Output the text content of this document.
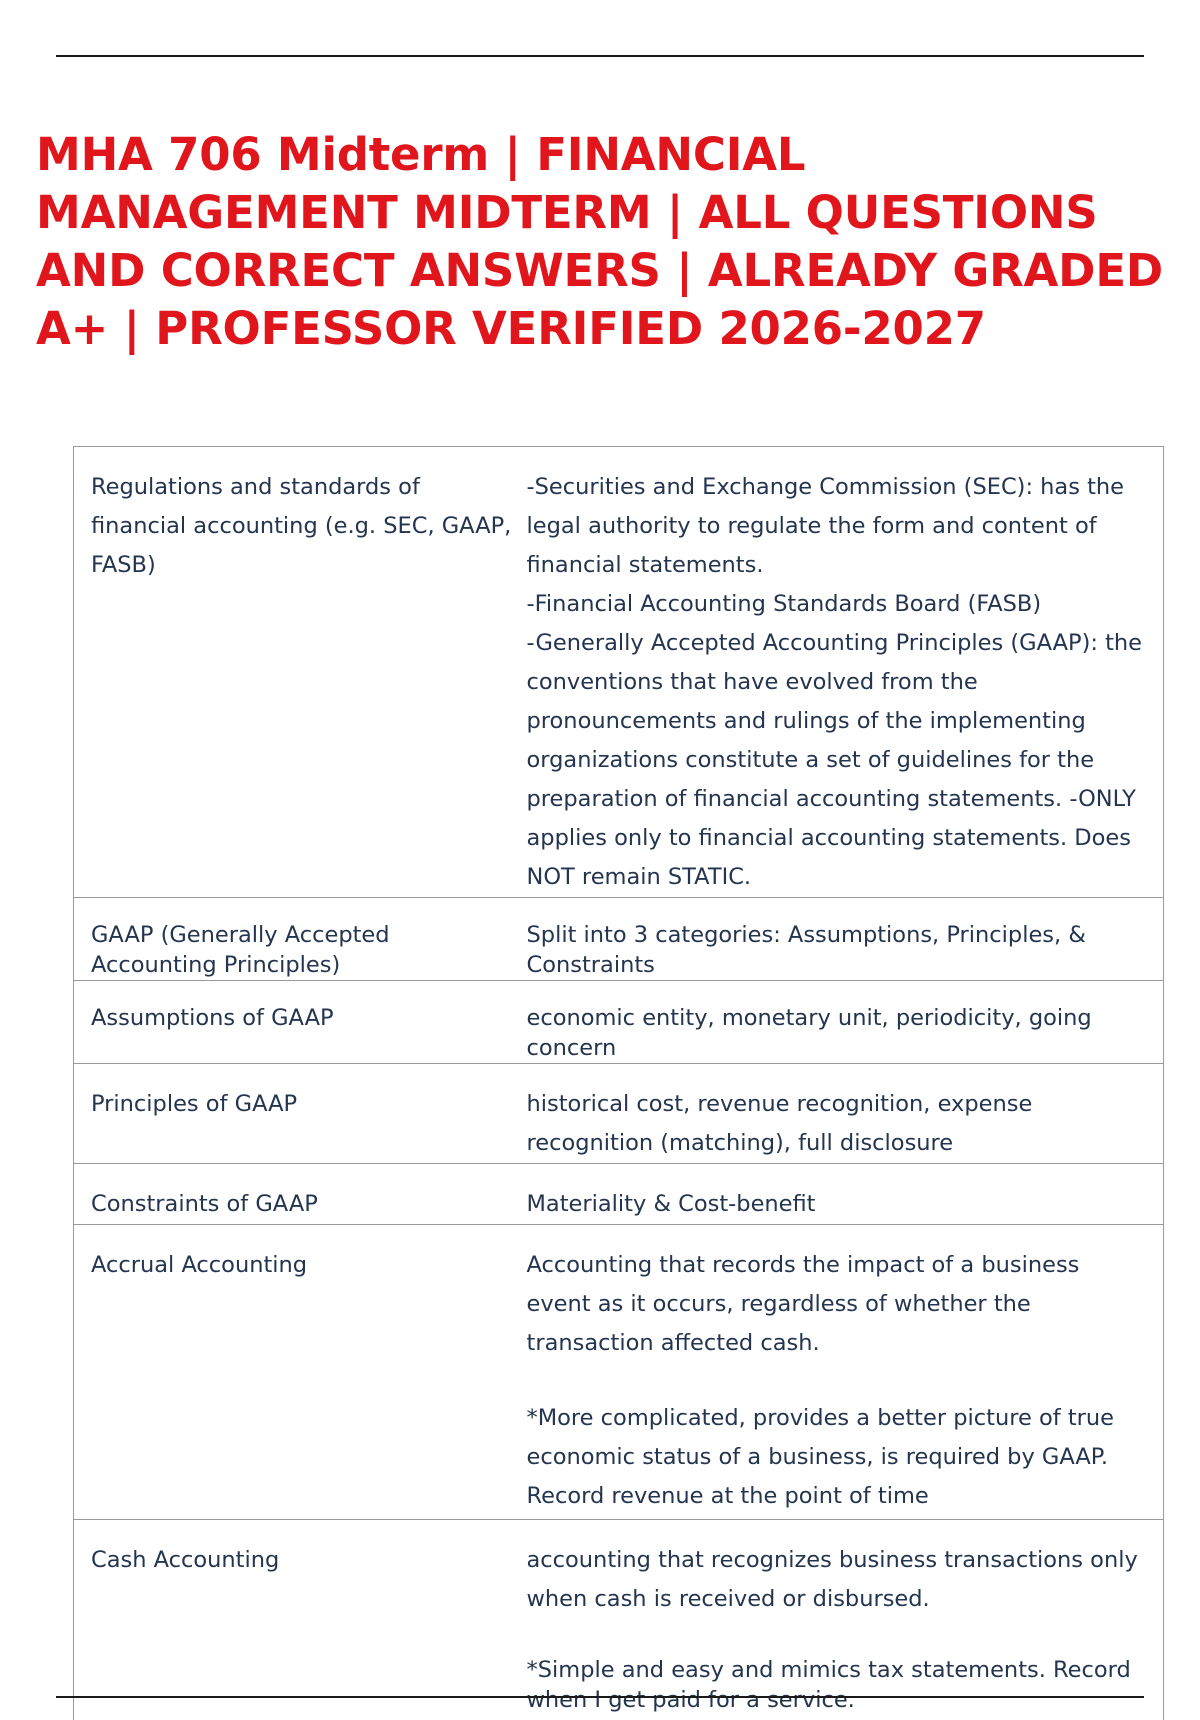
MHA 706 Midterm | FINANCIAL MANAGEMENT MIDTERM | ALL QUESTIONS AND CORRECT ANSWERS | ALREADY GRADED A+ | PROFESSOR VERIFIED 2026-2027
Regulations and standards of financial accounting (e.g. SEC, GAAP, FASB)	-Securities and Exchange Commission (SEC): has the legal authority to regulate the form and content of financial statements.
-Financial Accounting Standards Board (FASB)
-Generally Accepted Accounting Principles (GAAP): the conventions that have evolved from the pronouncements and rulings of the implementing organizations constitute a set of guidelines for the preparation of financial accounting statements. -ONLY applies only to financial accounting statements. Does NOT remain STATIC.

GAAP (Generally Accepted Accounting Principles)	Split into 3 categories: Assumptions, Principles, & Constraints

Assumptions of GAAP	economic entity, monetary unit, periodicity, going concern

Principles of GAAP	historical cost, revenue recognition, expense recognition (matching), full disclosure

Constraints of GAAP	Materiality & Cost-benefit

Accrual Accounting	Accounting that records the impact of a business event as it occurs, regardless of whether the transaction affected cash.
*More complicated, provides a better picture of true economic status of a business, is required by GAAP. Record revenue at the point of time

Cash Accounting	accounting that recognizes business transactions only when cash is received or disbursed.
*Simple and easy and mimics tax statements. Record when I get paid for a service.
